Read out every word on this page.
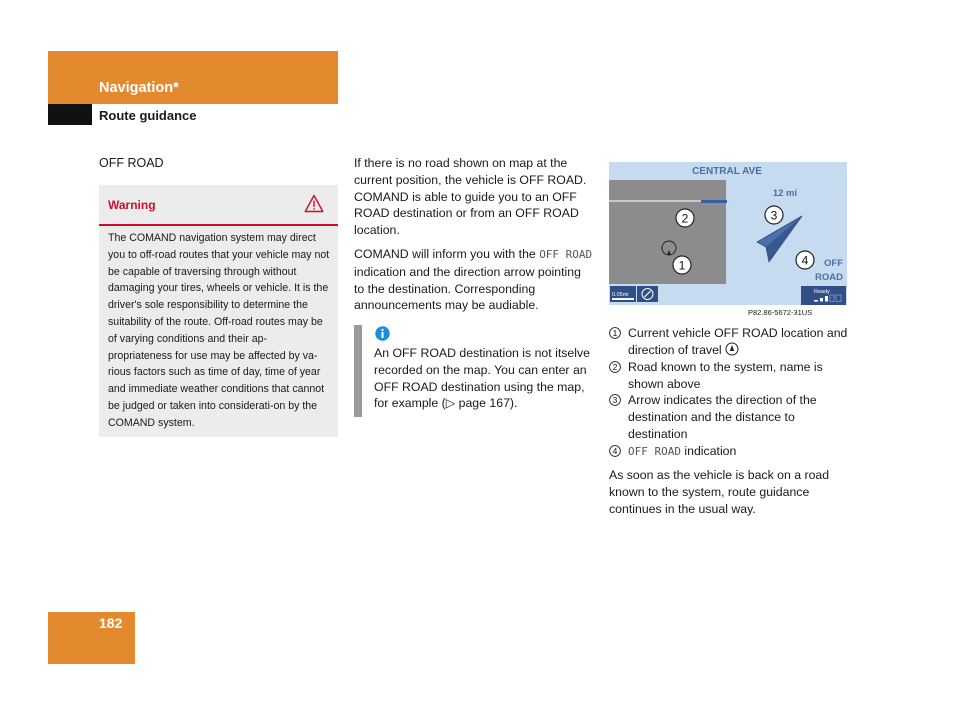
Navigation*
Route guidance
OFF ROAD
Warning
The COMAND navigation system may direct you to off-road routes that your vehicle may not be capable of traversing through without damaging your tires, wheels or vehicle. It is the driver's sole responsibility to determine the suitability of the route. Off-road routes may be of varying conditions and their ap-propriateness for use may be affected by va-rious factors such as time of day, time of year and immediate weather conditions that cannot be judged or taken into considerati-on by the COMAND system.
If there is no road shown on map at the current position, the vehicle is OFF ROAD. COMAND is able to guide you to an OFF ROAD destination or from an OFF ROAD location.
COMAND will inform you with the OFF ROAD indication and the direction arrow pointing to the destination. Corresponding announcements may be audiable.
An OFF ROAD destination is not itselve recorded on the map. You can enter an OFF ROAD destination using the map, for example (▷ page 167).
CENTRAL AVE
12 mi
OFF
ROAD
2	3
1	4
0.05mi	Ready
P82.86-5672-31US
1 Current vehicle OFF ROAD location and direction of travel
2 Road known to the system, name is shown above
3 Arrow indicates the direction of the destination and the distance to destination
4 OFF ROAD indication
As soon as the vehicle is back on a road known to the system, route guidance continues in the usual way.
182
